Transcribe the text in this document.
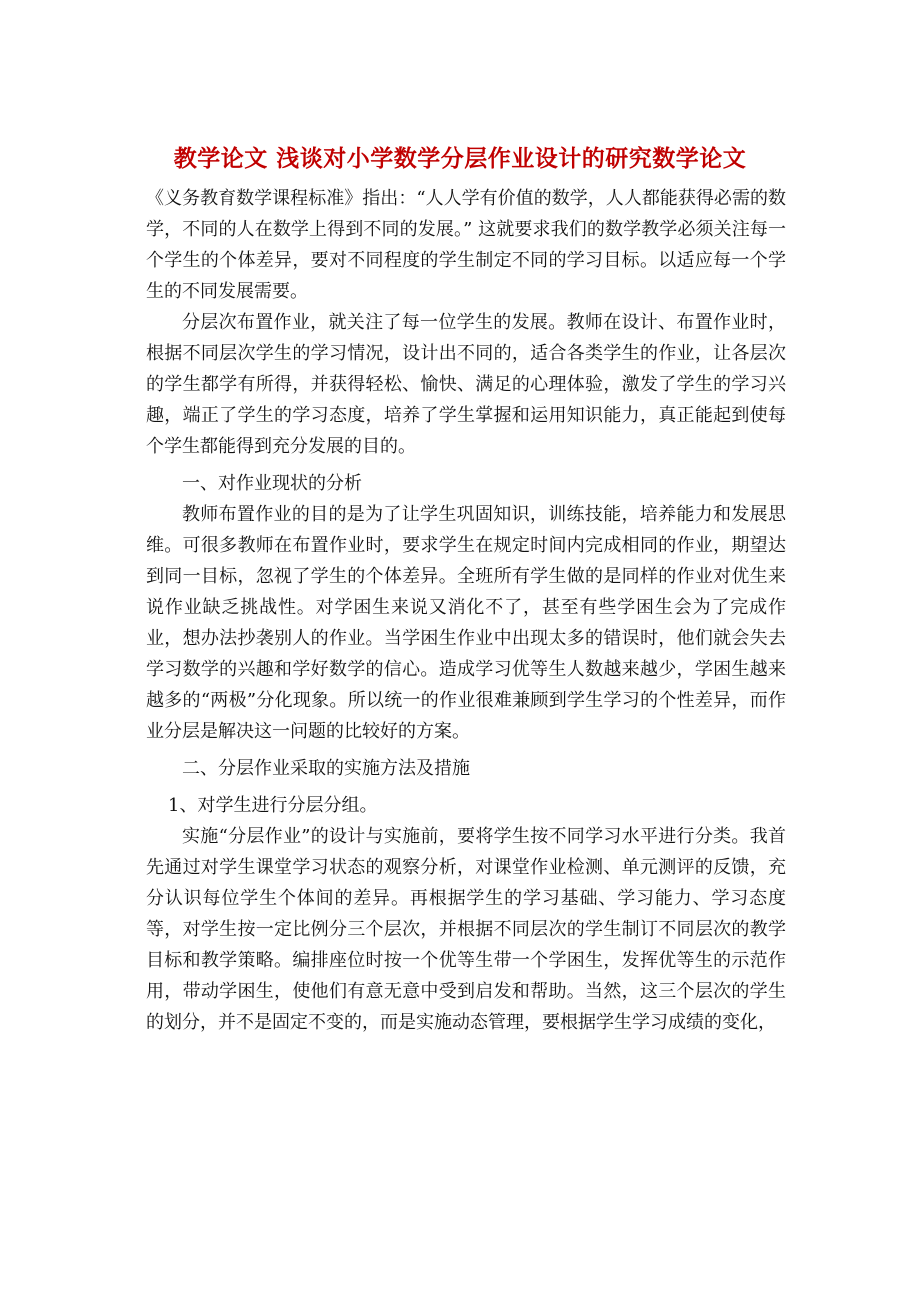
教学论文 浅谈对小学数学分层作业设计的研究数学论文

《义务教育数学课程标准》指出：“人人学有价值的数学，人人都能获得必需的数学，不同的人在数学上得到不同的发展。” 这就要求我们的数学教学必须关注每一个学生的个体差异，要对不同程度的学生制定不同的学习目标。以适应每一个学生的不同发展需要。

分层次布置作业，就关注了每一位学生的发展。教师在设计、布置作业时，根据不同层次学生的学习情况，设计出不同的，适合各类学生的作业，让各层次的学生都学有所得，并获得轻松、愉快、满足的心理体验，激发了学生的学习兴趣，端正了学生的学习态度，培养了学生掌握和运用知识能力，真正能起到使每个学生都能得到充分发展的目的。

一、对作业现状的分析

教师布置作业的目的是为了让学生巩固知识，训练技能，培养能力和发展思维。可很多教师在布置作业时，要求学生在规定时间内完成相同的作业，期望达到同一目标，忽视了学生的个体差异。全班所有学生做的是同样的作业对优生来说作业缺乏挑战性。对学困生来说又消化不了，甚至有些学困生会为了完成作业，想办法抄袭别人的作业。当学困生作业中出现太多的错误时，他们就会失去学习数学的兴趣和学好数学的信心。造成学习优等生人数越来越少，学困生越来越多的“两极”分化现象。所以统一的作业很难兼顾到学生学习的个性差异，而作业分层是解决这一问题的比较好的方案。

二、分层作业采取的实施方法及措施

1、对学生进行分层分组。

实施“分层作业”的设计与实施前，要将学生按不同学习水平进行分类。我首先通过对学生课堂学习状态的观察分析，对课堂作业检测、单元测评的反馈，充分认识每位学生个体间的差异。再根据学生的学习基础、学习能力、学习态度等，对学生按一定比例分三个层次，并根据不同层次的学生制订不同层次的教学目标和教学策略。编排座位时按一个优等生带一个学困生，发挥优等生的示范作用，带动学困生，使他们有意无意中受到启发和帮助。当然，这三个层次的学生的划分，并不是固定不变的，而是实施动态管理，要根据学生学习成绩的变化，
